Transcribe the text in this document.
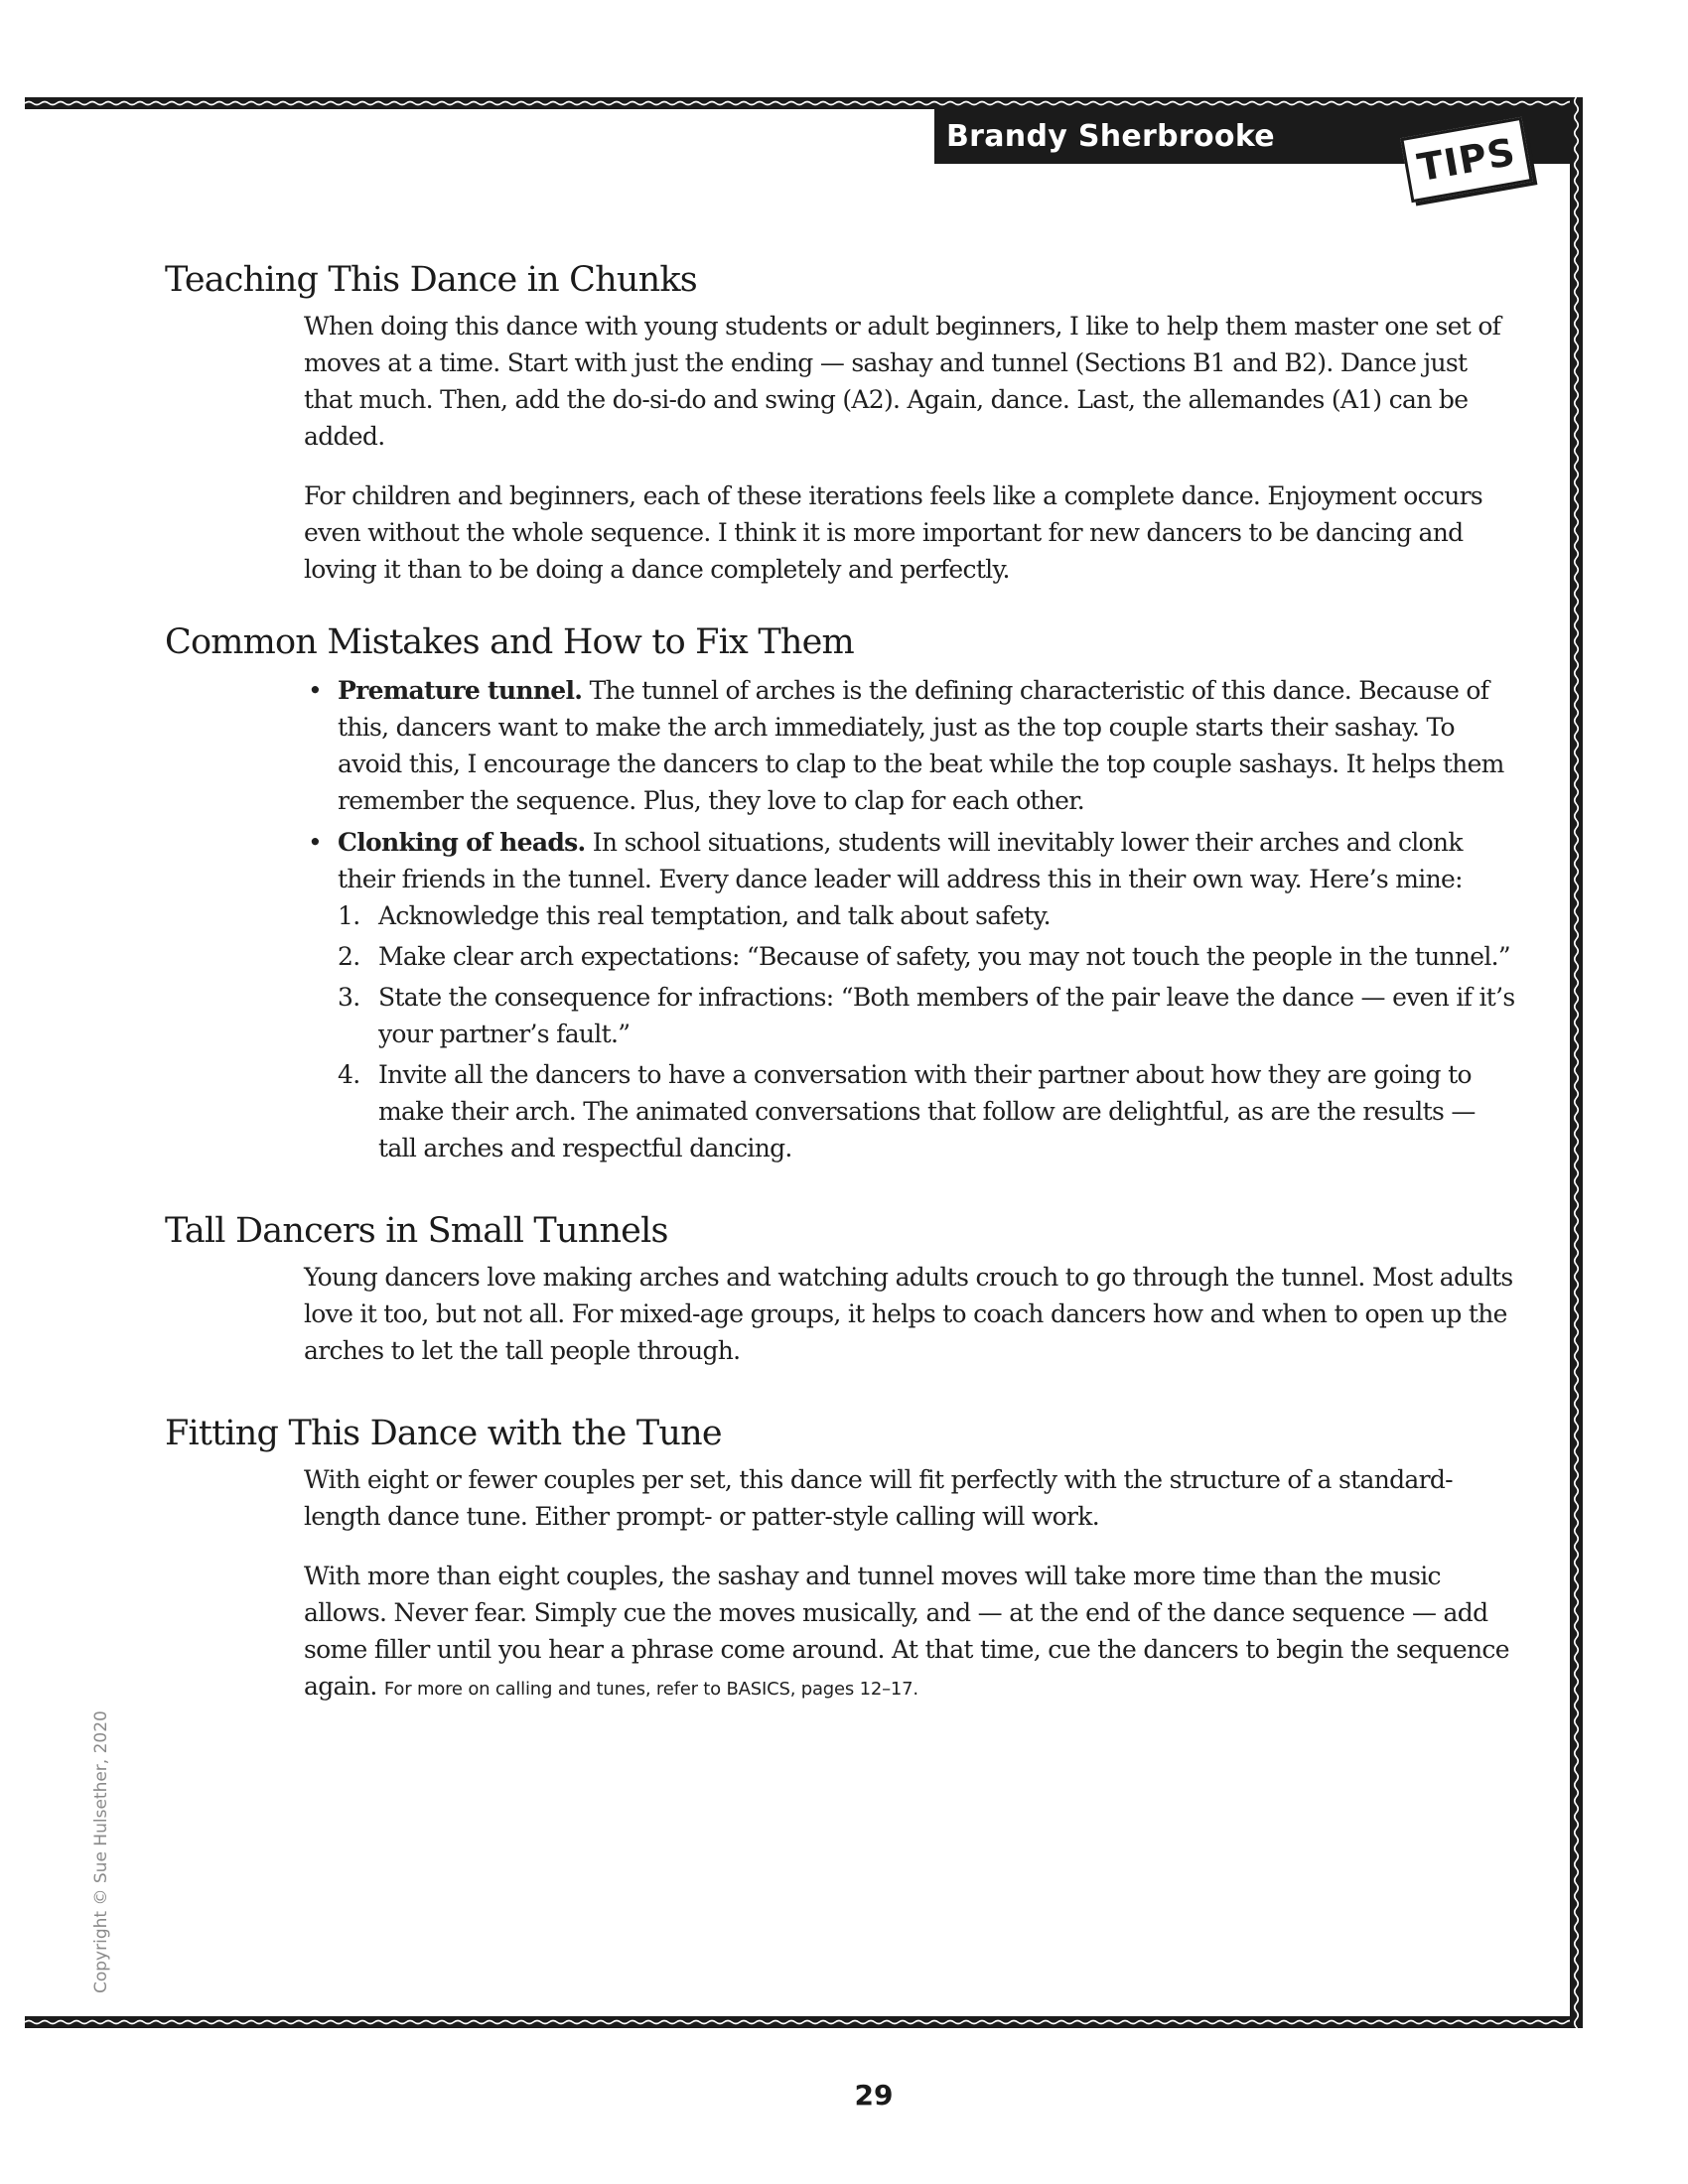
Brandy Sherbrooke	TIPS
Teaching This Dance in Chunks

When doing this dance with young students or adult beginners, I like to help them master one set of moves at a time. Start with just the ending — sashay and tunnel (Sections B1 and B2). Dance just that much. Then, add the do-si-do and swing (A2). Again, dance. Last, the allemandes (A1) can be added.

For children and beginners, each of these iterations feels like a complete dance. Enjoyment occurs even without the whole sequence. I think it is more important for new dancers to be dancing and loving it than to be doing a dance completely and perfectly.

Common Mistakes and How to Fix Them
• Premature tunnel. The tunnel of arches is the defining characteristic of this dance. Because of this, dancers want to make the arch immediately, just as the top couple starts their sashay. To avoid this, I encourage the dancers to clap to the beat while the top couple sashays. It helps them remember the sequence. Plus, they love to clap for each other.
• Clonking of heads. In school situations, students will inevitably lower their arches and clonk their friends in the tunnel. Every dance leader will address this in their own way. Here’s mine:
1. Acknowledge this real temptation, and talk about safety.
2. Make clear arch expectations: “Because of safety, you may not touch the people in the tunnel.”
3. State the consequence for infractions: “Both members of the pair leave the dance — even if it’s your partner’s fault.”
4. Invite all the dancers to have a conversation with their partner about how they are going to make their arch. The animated conversations that follow are delightful, as are the results — tall arches and respectful dancing.
Tall Dancers in Small Tunnels

Young dancers love making arches and watching adults crouch to go through the tunnel. Most adults love it too, but not all. For mixed-age groups, it helps to coach dancers how and when to open up the arches to let the tall people through.

Fitting This Dance with the Tune

With eight or fewer couples per set, this dance will fit perfectly with the structure of a standard-length dance tune. Either prompt- or patter-style calling will work.

With more than eight couples, the sashay and tunnel moves will take more time than the music allows. Never fear. Simply cue the moves musically, and — at the end of the dance sequence — add some filler until you hear a phrase come around. At that time, cue the dancers to begin the sequence again. For more on calling and tunes, refer to BASICS, pages 12–17.

Copyright © Sue Hulsether, 2020
29
